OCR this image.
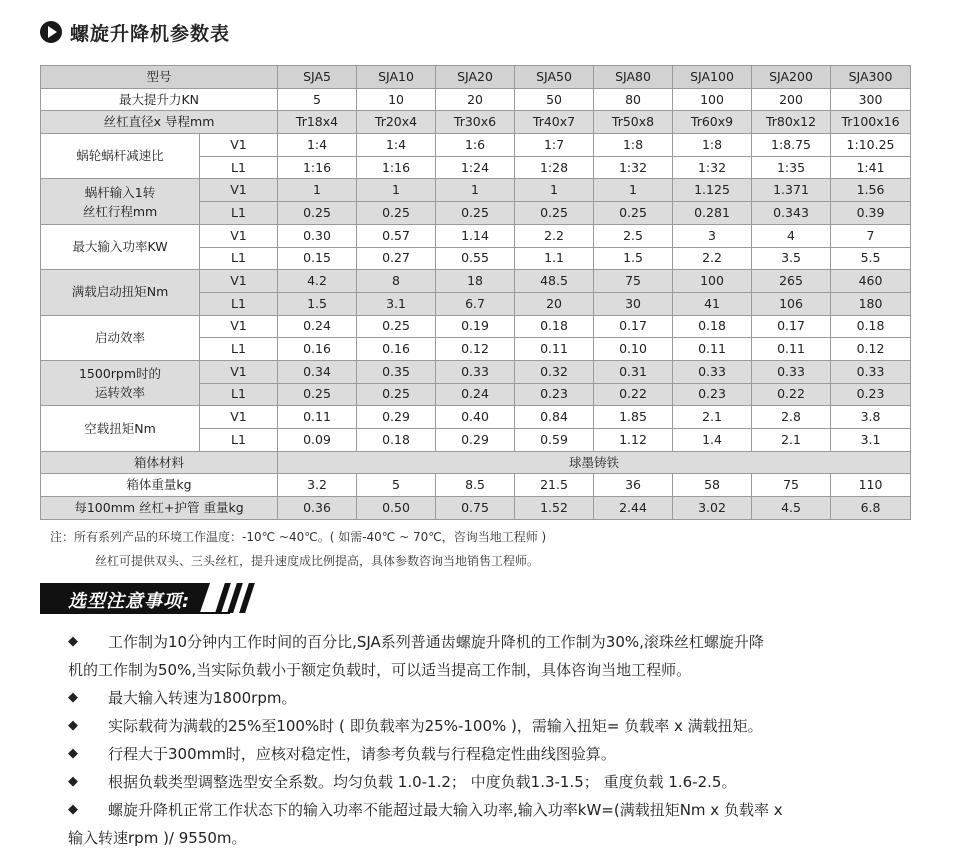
螺旋升降机参数表
型号		SJA5	SJA10	SJA20	SJA50	SJA80	SJA100	SJA200	SJA300
最大提升力KN		5	10	20	50	80	100	200	300
丝杠直径x 导程mm		Tr18x4	Tr20x4	Tr30x6	Tr40x7	Tr50x8	Tr60x9	Tr80x12	Tr100x16
蜗轮蜗杆减速比	V1	1:4	1:4	1:6	1:7	1:8	1:8	1:8.75	1:10.25
	L1	1:16	1:16	1:24	1:28	1:32	1:32	1:35	1:41

蜗杆输入1转
丝杠行程mm	V1	1	1	1	1	1	1.125	1.371	1.56
	L1	0.25	0.25	0.25	0.25	0.25	0.281	0.343	0.39
最大输入功率KW	V1	0.30	0.57	1.14	2.2	2.5	3	4	7
	L1	0.15	0.27	0.55	1.1	1.5	2.2	3.5	5.5
满载启动扭矩Nm	V1	4.2	8	18	48.5	75	100	265	460
	L1	1.5	3.1	6.7	20	30	41	106	180
启动效率	V1	0.24	0.25	0.19	0.18	0.17	0.18	0.17	0.18
	L1	0.16	0.16	0.12	0.11	0.10	0.11	0.11	0.12

1500rpm时的
运转效率	V1	0.34	0.35	0.33	0.32	0.31	0.33	0.33	0.33
	L1	0.25	0.25	0.24	0.23	0.22	0.23	0.22	0.23
空载扭矩Nm	V1	0.11	0.29	0.40	0.84	1.85	2.1	2.8	3.8
	L1	0.09	0.18	0.29	0.59	1.12	1.4	2.1	3.1
箱体材料		球墨铸铁							
箱体重量kg		3.2	5	8.5	21.5	36	58	75	110
每100mm 丝杠+护管 重量kg		0.36	0.50	0.75	1.52	2.44	3.02	4.5	6.8
注：所有系列产品的环境工作温度：-10℃ ~40℃。( 如需-40℃ ~ 70℃，咨询当地工程师 )
丝杠可提供双头、三头丝杠，提升速度成比例提高，具体参数咨询当地销售工程师。
选型注意事项:
◆ 工作制为10分钟内工作时间的百分比,SJA系列普通齿螺旋升降机的工作制为30%,滚珠丝杠螺旋升降
机的工作制为50%,当实际负载小于额定负载时，可以适当提高工作制，具体咨询当地工程师。
◆ 最大输入转速为1800rpm。
◆ 实际载荷为满载的25%至100%时 ( 即负载率为25%-100% )，需输入扭矩= 负载率 x 满载扭矩。
◆ 行程大于300mm时，应核对稳定性，请参考负载与行程稳定性曲线图验算。
◆ 根据负载类型调整选型安全系数。均匀负载 1.0-1.2； 中度负载1.3-1.5； 重度负载 1.6-2.5。
◆ 螺旋升降机正常工作状态下的输入功率不能超过最大输入功率,输入功率kW=(满载扭矩Nm x 负载率 x
输入转速rpm )/ 9550m。
